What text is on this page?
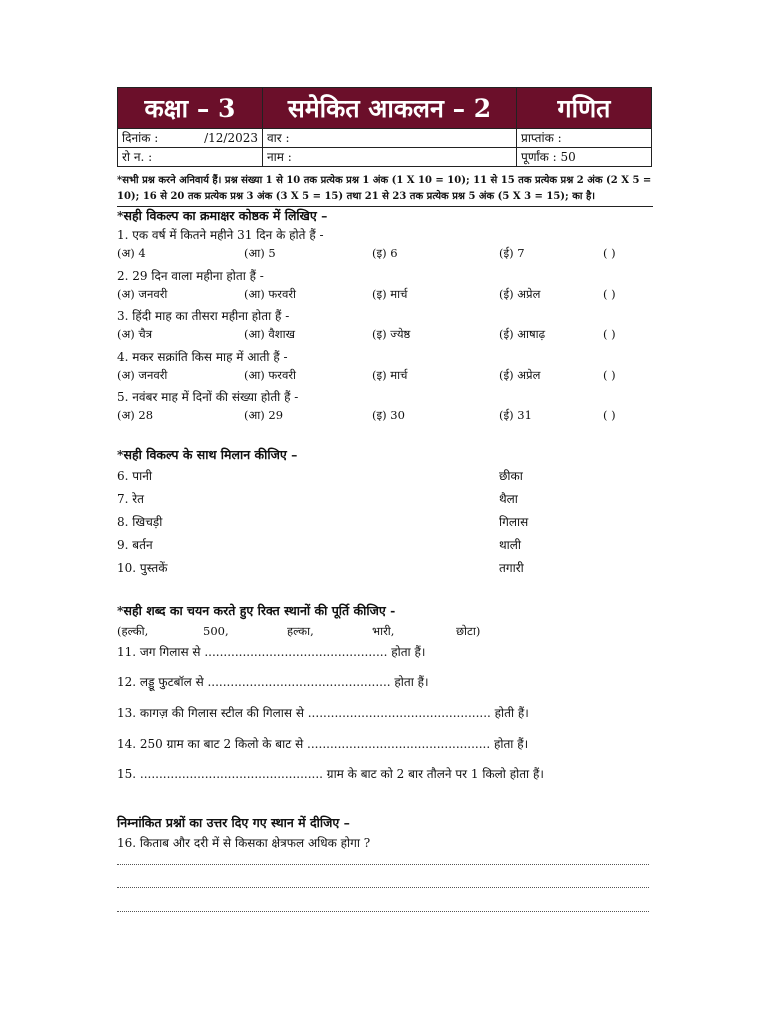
कक्षा – 3	समेकित आकलन – 2	गणित
दिनांक : /12/2023	वार :	प्राप्तांक :
रो न. :	नाम :	पूर्णांक : 50
*सभी प्रश्न करने अनिवार्य हैं। प्रश्न संख्या 1 से 10 तक प्रत्येक प्रश्न 1 अंक (1 X 10 = 10); 11 से 15 तक प्रत्येक प्रश्न 2 अंक (2 X 5 = 10); 16 से 20 तक प्रत्येक प्रश्न 3 अंक (3 X 5 = 15) तथा 21 से 23 तक प्रत्येक प्रश्न 5 अंक (5 X 3 = 15); का है।
*सही विकल्प का क्रमाक्षर कोष्ठक में लिखिए –
1. एक वर्ष में कितने महीने 31 दिन के होते हैं -
(अ) 4	(आ) 5	(इ) 6	(ई) 7	( )
2. 29 दिन वाला महीना होता हैं -
(अ) जनवरी	(आ) फरवरी	(इ) मार्च	(ई) अप्रेल	( )
3. हिंदी माह का तीसरा महीना होता हैं -
(अ) चैत्र	(आ) वैशाख	(इ) ज्येष्ठ	(ई) आषाढ़	( )
4. मकर सक्रांति किस माह में आती हैं -
(अ) जनवरी	(आ) फरवरी	(इ) मार्च	(ई) अप्रेल	( )
5. नवंबर माह में दिनों की संख्या होती हैं -
(अ) 28	(आ) 29	(इ) 30	(ई) 31	( )
*सही विकल्प के साथ मिलान कीजिए –
6. पानी	छीका
7. रेत	थैला
8. खिचड़ी	गिलास
9. बर्तन	थाली
10. पुस्तकें	तगारी
*सही शब्द का चयन करते हुए रिक्त स्थानों की पूर्ति कीजिए -
(हल्की,	500,	हल्का,	भारी,	छोटा)
11. जग गिलास से ................................................ होता हैं।
12. लड्डू फुटबॉल से ................................................ होता हैं।
13. कागज़ की गिलास स्टील की गिलास से ................................................ होती हैं।
14. 250 ग्राम का बाट 2 किलो के बाट से ................................................ होता हैं।
15. ................................................ ग्राम के बाट को 2 बार तौलने पर 1 किलो होता हैं।
निम्नांकित प्रश्नों का उत्तर दिए गए स्थान में दीजिए –
16. किताब और दरी में से किसका क्षेत्रफल अधिक होगा ?
